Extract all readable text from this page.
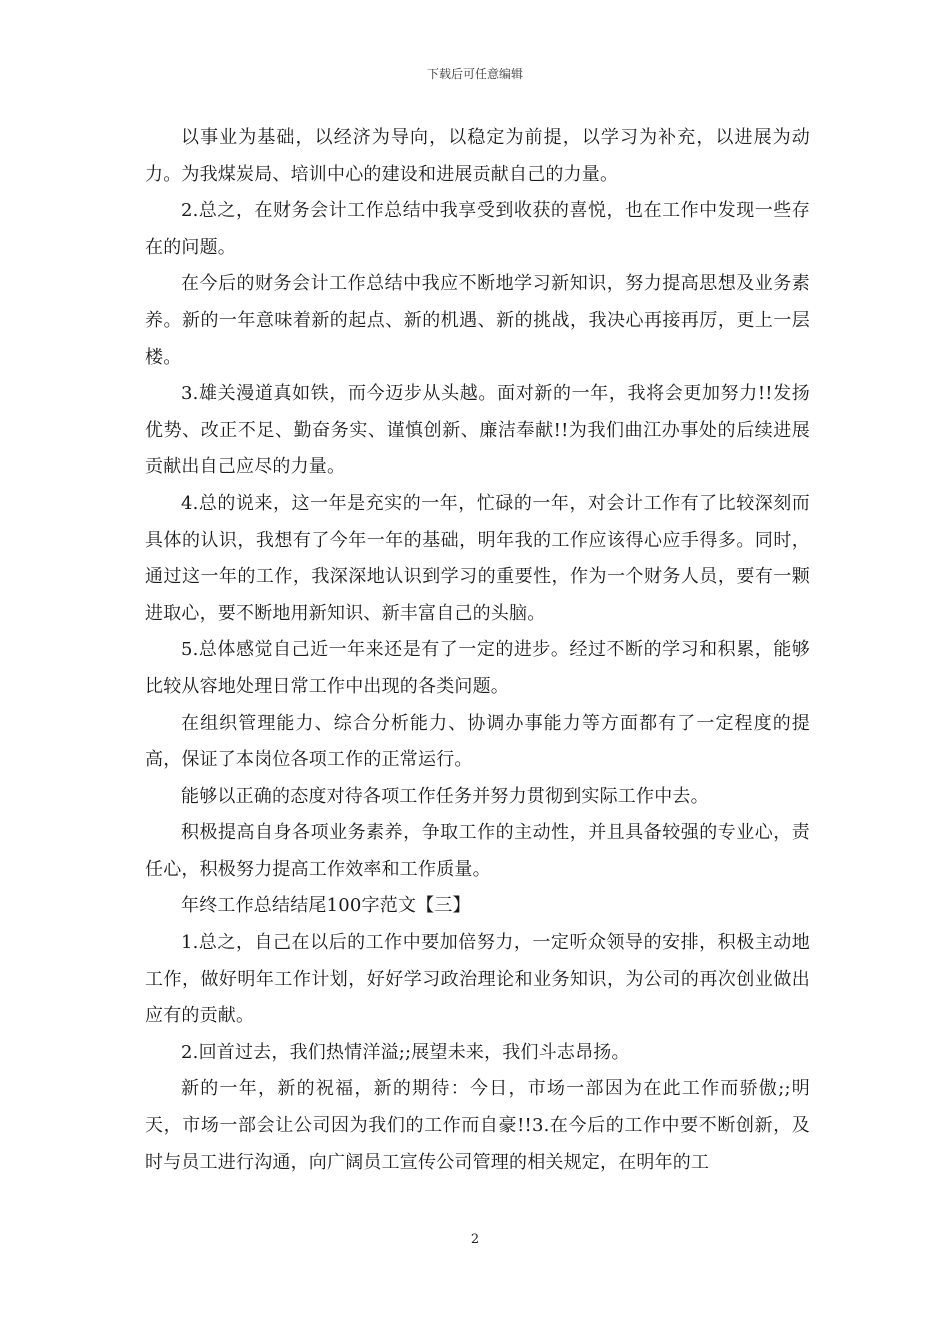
下载后可任意编辑

以事业为基础，以经济为导向，以稳定为前提，以学习为补充，以进展为动力。为我煤炭局、培训中心的建设和进展贡献自己的力量。

2.总之，在财务会计工作总结中我享受到收获的喜悦，也在工作中发现一些存在的问题。

在今后的财务会计工作总结中我应不断地学习新知识，努力提高思想及业务素养。新的一年意味着新的起点、新的机遇、新的挑战，我决心再接再厉，更上一层楼。

3.雄关漫道真如铁，而今迈步从头越。面对新的一年，我将会更加努力!!发扬优势、改正不足、勤奋务实、谨慎创新、廉洁奉献!!为我们曲江办事处的后续进展贡献出自己应尽的力量。

4.总的说来，这一年是充实的一年，忙碌的一年，对会计工作有了比较深刻而具体的认识，我想有了今年一年的基础，明年我的工作应该得心应手得多。同时，通过这一年的工作，我深深地认识到学习的重要性，作为一个财务人员，要有一颗进取心，要不断地用新知识、新丰富自己的头脑。

5.总体感觉自己近一年来还是有了一定的进步。经过不断的学习和积累，能够比较从容地处理日常工作中出现的各类问题。

在组织管理能力、综合分析能力、协调办事能力等方面都有了一定程度的提高，保证了本岗位各项工作的正常运行。

能够以正确的态度对待各项工作任务并努力贯彻到实际工作中去。

积极提高自身各项业务素养，争取工作的主动性，并且具备较强的专业心，责任心，积极努力提高工作效率和工作质量。

年终工作总结结尾100字范文【三】

1.总之，自己在以后的工作中要加倍努力，一定听众领导的安排，积极主动地工作，做好明年工作计划，好好学习政治理论和业务知识，为公司的再次创业做出应有的贡献。

2.回首过去，我们热情洋溢;;展望未来，我们斗志昂扬。

新的一年，新的祝福，新的期待：今日，市场一部因为在此工作而骄傲;;明天，市场一部会让公司因为我们的工作而自豪!!3.在今后的工作中要不断创新，及时与员工进行沟通，向广阔员工宣传公司管理的相关规定，在明年的工

2
